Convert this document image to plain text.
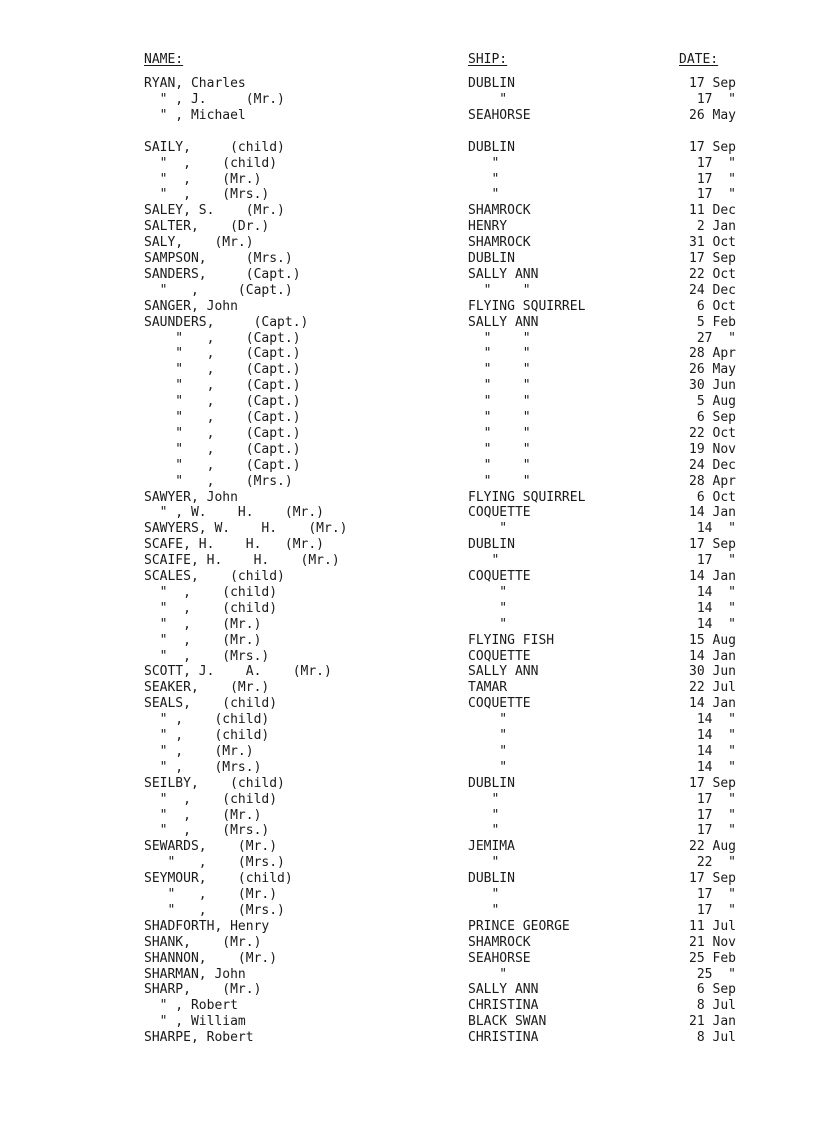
NAME:	SHIP:	DATE:
RYAN, Charles	DUBLIN	17 Sep
" , J.     (Mr.)	"	17  "
" , Michael	SEAHORSE	26 May
SAILY,     (child)	DUBLIN	17 Sep
"  ,    (child)	"	17  "
"  ,    (Mr.)	"	17  "
"  ,    (Mrs.)	"	17  "
SALEY, S.    (Mr.)	SHAMROCK	11 Dec
SALTER,    (Dr.)	HENRY	2 Jan
SALY,    (Mr.)	SHAMROCK	31 Oct
SAMPSON,     (Mrs.)	DUBLIN	17 Sep
SANDERS,     (Capt.)	SALLY ANN	22 Oct
"   ,     (Capt.)	"    "	24 Dec
SANGER, John	FLYING SQUIRREL	6 Oct
SAUNDERS,     (Capt.)	SALLY ANN	5 Feb
"   ,    (Capt.)	"    "	27  "
"   ,    (Capt.)	"    "	28 Apr
"   ,    (Capt.)	"    "	26 May
"   ,    (Capt.)	"    "	30 Jun
"   ,    (Capt.)	"    "	5 Aug
"   ,    (Capt.)	"    "	6 Sep
"   ,    (Capt.)	"    "	22 Oct
"   ,    (Capt.)	"    "	19 Nov
"   ,    (Capt.)	"    "	24 Dec
"   ,    (Mrs.)	"    "	28 Apr
SAWYER, John	FLYING SQUIRREL	6 Oct
" , W.    H.    (Mr.)	COQUETTE	14 Jan
SAWYERS, W.    H.    (Mr.)	"	14  "
SCAFE, H.    H.   (Mr.)	DUBLIN	17 Sep
SCAIFE, H.    H.    (Mr.)	"	17  "
SCALES,    (child)	COQUETTE	14 Jan
"  ,    (child)	"	14  "
"  ,    (child)	"	14  "
"  ,    (Mr.)	"	14  "
"  ,    (Mr.)	FLYING FISH	15 Aug
"  ,    (Mrs.)	COQUETTE	14 Jan
SCOTT, J.    A.    (Mr.)	SALLY ANN	30 Jun
SEAKER,    (Mr.)	TAMAR	22 Jul
SEALS,    (child)	COQUETTE	14 Jan
" ,    (child)	"	14  "
" ,    (child)	"	14  "
" ,    (Mr.)	"	14  "
" ,    (Mrs.)	"	14  "
SEILBY,    (child)	DUBLIN	17 Sep
"  ,    (child)	"	17  "
"  ,    (Mr.)	"	17  "
"  ,    (Mrs.)	"	17  "
SEWARDS,    (Mr.)	JEMIMA	22 Aug
"   ,    (Mrs.)	"	22  "
SEYMOUR,    (child)	DUBLIN	17 Sep
"   ,    (Mr.)	"	17  "
"   ,    (Mrs.)	"	17  "
SHADFORTH, Henry	PRINCE GEORGE	11 Jul
SHANK,    (Mr.)	SHAMROCK	21 Nov
SHANNON,    (Mr.)	SEAHORSE	25 Feb
SHARMAN, John	"	25  "
SHARP,    (Mr.)	SALLY ANN	6 Sep
" , Robert	CHRISTINA	8 Jul
" , William	BLACK SWAN	21 Jan
SHARPE, Robert	CHRISTINA	8 Jul
